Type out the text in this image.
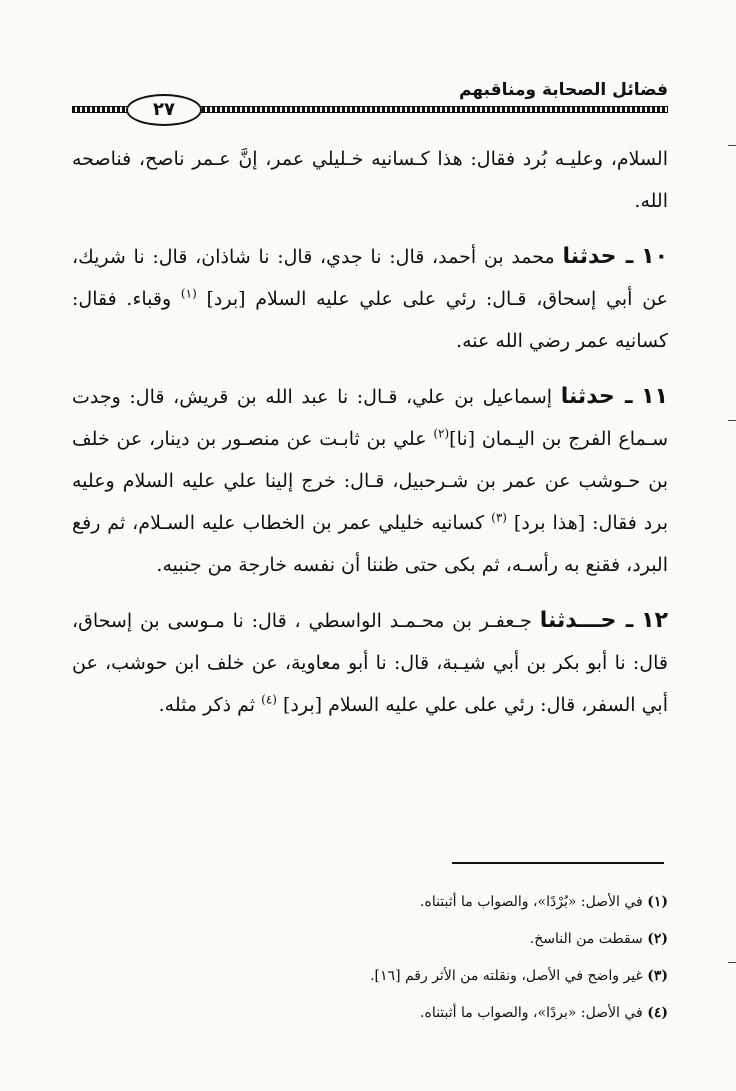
فضائل الصحابة ومناقبهم
٢٧

السلام، وعليـه بُرد فقال: هذا كـسانيه خـليلي عمر، إنَّ عـمر ناصح، فناصحه الله.

١٠ ـ حدثنا محمد بن أحمد، قال: نا جدي، قال: نا شاذان، قال: نا شريك، عن أبي إسحاق، قـال: رئي على علي عليه السلام [برد] $^{(١)}$ وقباء. فقال: كسانيه عمر رضي الله عنه.

١١ ـ حدثنا إسماعيل بن علي، قـال: نا عبد الله بن قريش، قال: وجدت سـماع الفرج بن اليـمان [نا]$^{(٢)}$ علي بن ثابـت عن منصـور بن دينار، عن خلف بن حـوشب عن عمر بن شـرحبيل، قـال: خرج إلينا علي عليه السلام وعليه برد فقال: [هذا برد] $^{(٣)}$ كسانيه خليلي عمر بن الخطاب عليه السـلام، ثم رفع البرد، فقنع به رأسـه، ثم بكى حتى ظننا أن نفسه خارجة من جنبيه.

١٢ ـ حـــدثنا جـعفـر بن محـمـد الواسطي ، قال: نا مـوسى بن إسحاق، قال: نا أبو بكر بن أبي شيـبة، قال: نا أبو معاوية، عن خلف ابن حوشب، عن أبي السفر، قال: رئي على علي عليه السلام [برد] $^{(٤)}$ ثم ذكر مثله.

(١) في الأصل: «بُرْدًا»، والصواب ما أثبتناه.

(٢) سقطت من الناسخ.

(٣) غير واضح في الأصل، ونقلته من الأثر رقم [١٦].

(٤) في الأصل: «بردًا»، والصواب ما أثبتناه.
